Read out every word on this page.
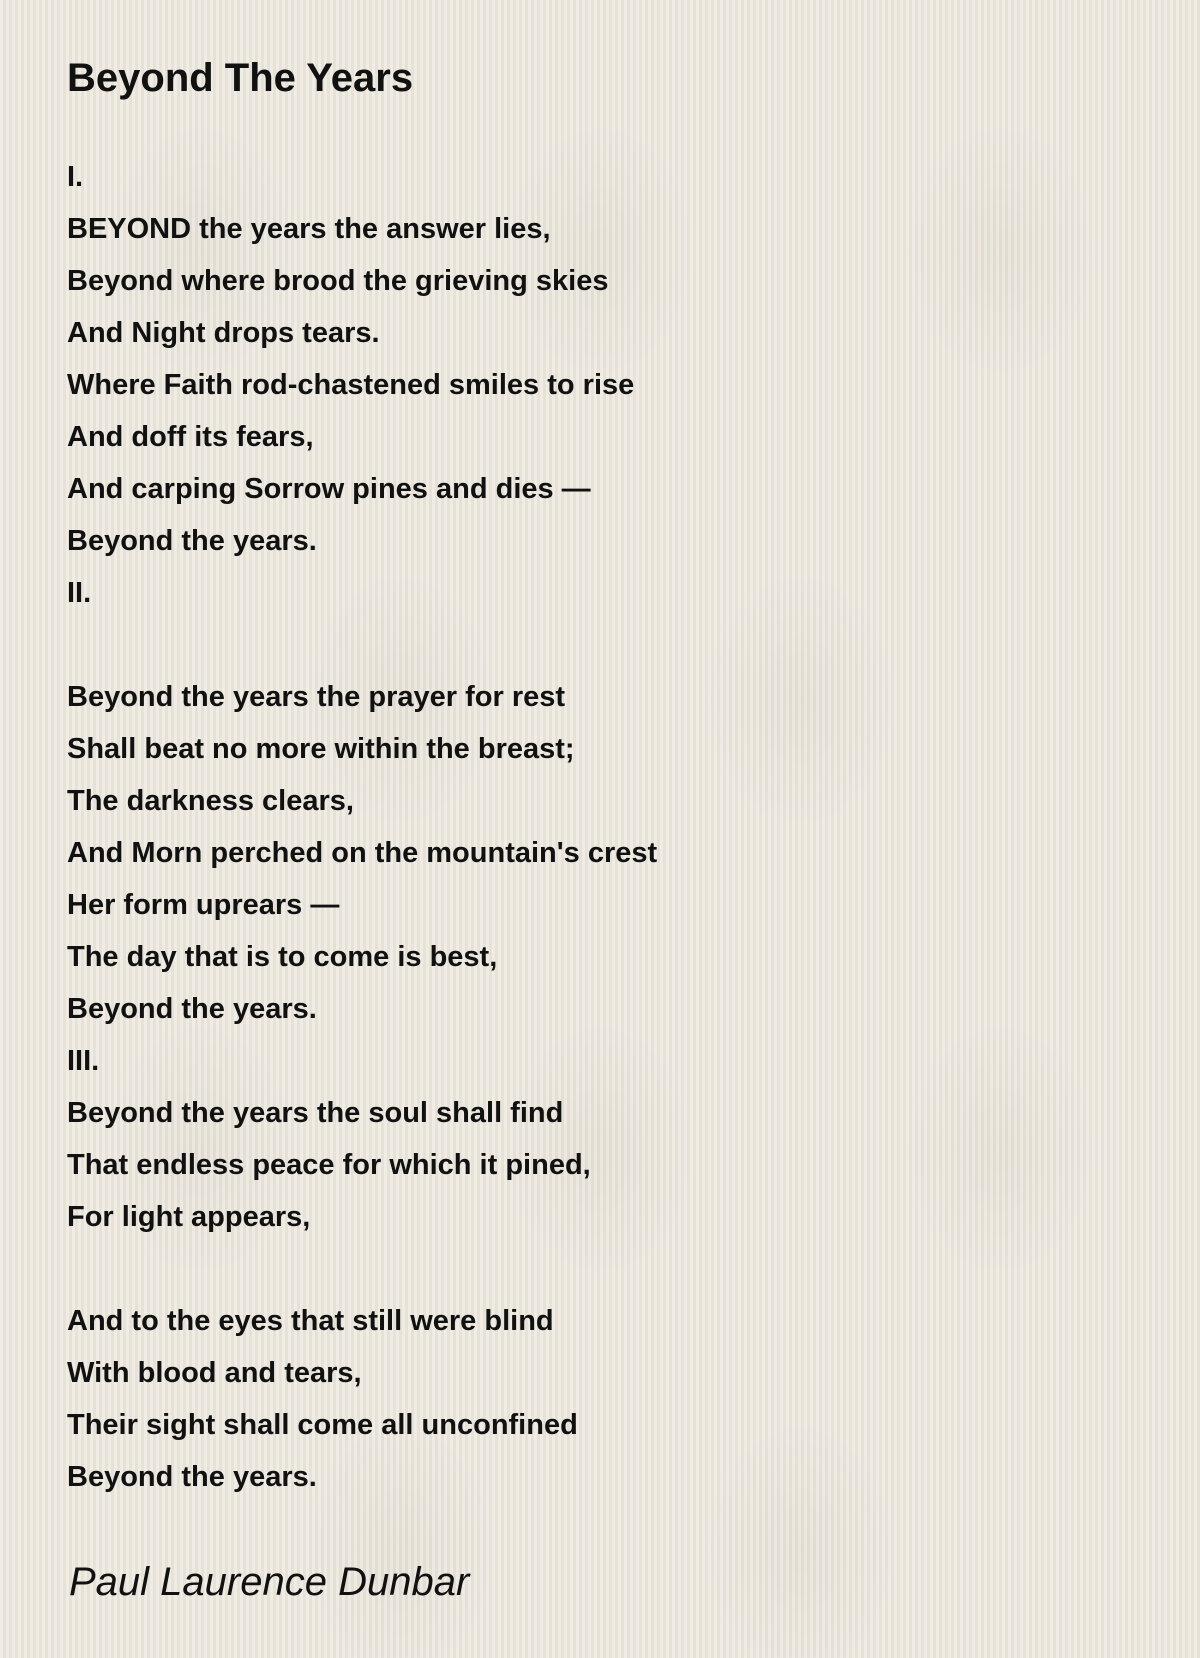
Beyond The Years
I.
BEYOND the years the answer lies,
Beyond where brood the grieving skies
And Night drops tears.
Where Faith rod-chastened smiles to rise
And doff its fears,
And carping Sorrow pines and dies —
Beyond the years.
II.
Beyond the years the prayer for rest
Shall beat no more within the breast;
The darkness clears,
And Morn perched on the mountain's crest
Her form uprears —
The day that is to come is best,
Beyond the years.
III.
Beyond the years the soul shall find
That endless peace for which it pined,
For light appears,
And to the eyes that still were blind
With blood and tears,
Their sight shall come all unconfined
Beyond the years.
Paul Laurence Dunbar
